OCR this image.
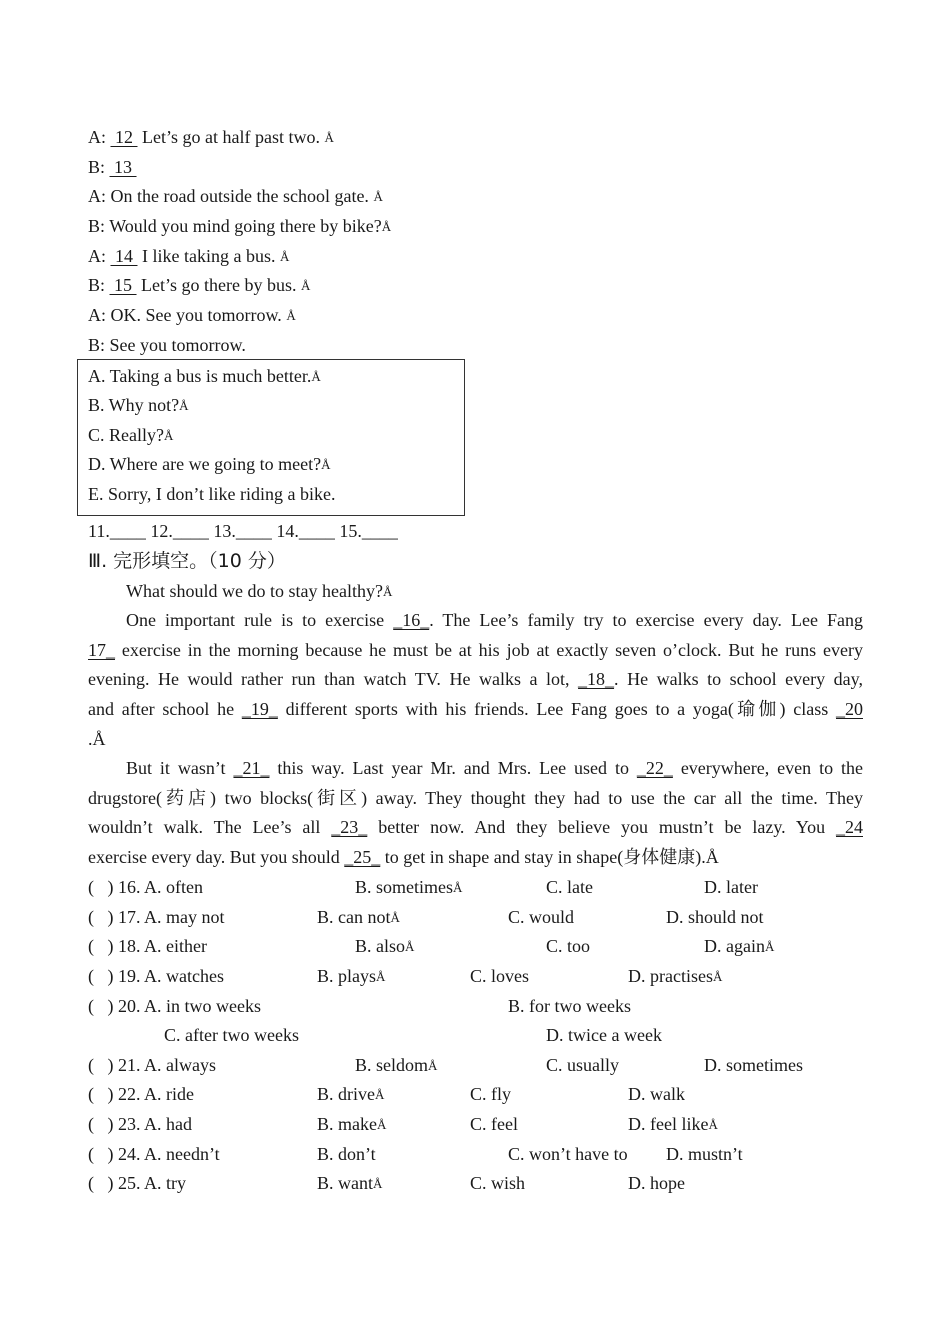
A:  12  Let’s go at half past two. Å
B:  13
A: On the road outside the school gate. Å
B: Would you mind going there by bike?Å
A:  14  I like taking a bus. Å
B:  15  Let’s go there by bus. Å
A: OK. See you tomorrow. Å
B: See you tomorrow.
A. Taking a bus is much better.Å
B. Why not?Å
C. Really?Å
D. Where are we going to meet?Å
E. Sorry, I don’t like riding a bike.
11.____ 12.____ 13.____ 14.____ 15.____
Ⅲ. 完形填空。（10 分）
What should we do to stay healthy?Å
One important rule is to exercise _16_. The Lee’s family try to exercise every day. Lee Fang
17_ exercise in the morning because he must be at his job at exactly seven o’clock. But he runs every
evening. He would rather run than watch TV. He walks a lot, _18_. He walks to school every day,
and after school he _19_ different sports with his friends. Lee Fang goes to a yoga(瑜伽) class _20
.Å
But it wasn’t _21_ this way. Last year Mr. and Mrs. Lee used to _22_ everywhere, even to the
drugstore(药店) two blocks(街区) away. They thought they had to use the car all the time. They
wouldn’t walk. The Lee’s all _23_ better now. And they believe you mustn’t be lazy. You _24
exercise every day. But you should _25_ to get in shape and stay in shape(身体健康).Å
(   ) 16. A. often	B. sometimesÅ	C. late	D. later
(   ) 17. A. may not	B. can notÅ	C. would	D. should not
(   ) 18. A. either	B. alsoÅ	C. too	D. againÅ
(   ) 19. A. watches	B. playsÅ	C. loves	D. practisesÅ
(   ) 20. A. in two weeks	B. for two weeks
C. after two weeks	D. twice a week
(   ) 21. A. always	B. seldomÅ	C. usually	D. sometimes
(   ) 22. A. ride	B. driveÅ	C. fly	D. walk
(   ) 23. A. had	B. makeÅ	C. feel	D. feel likeÅ
(   ) 24. A. needn’t	B. don’t	C. won’t have to D. mustn’t
(   ) 25. A. try	B. wantÅ	C. wish	D. hope
